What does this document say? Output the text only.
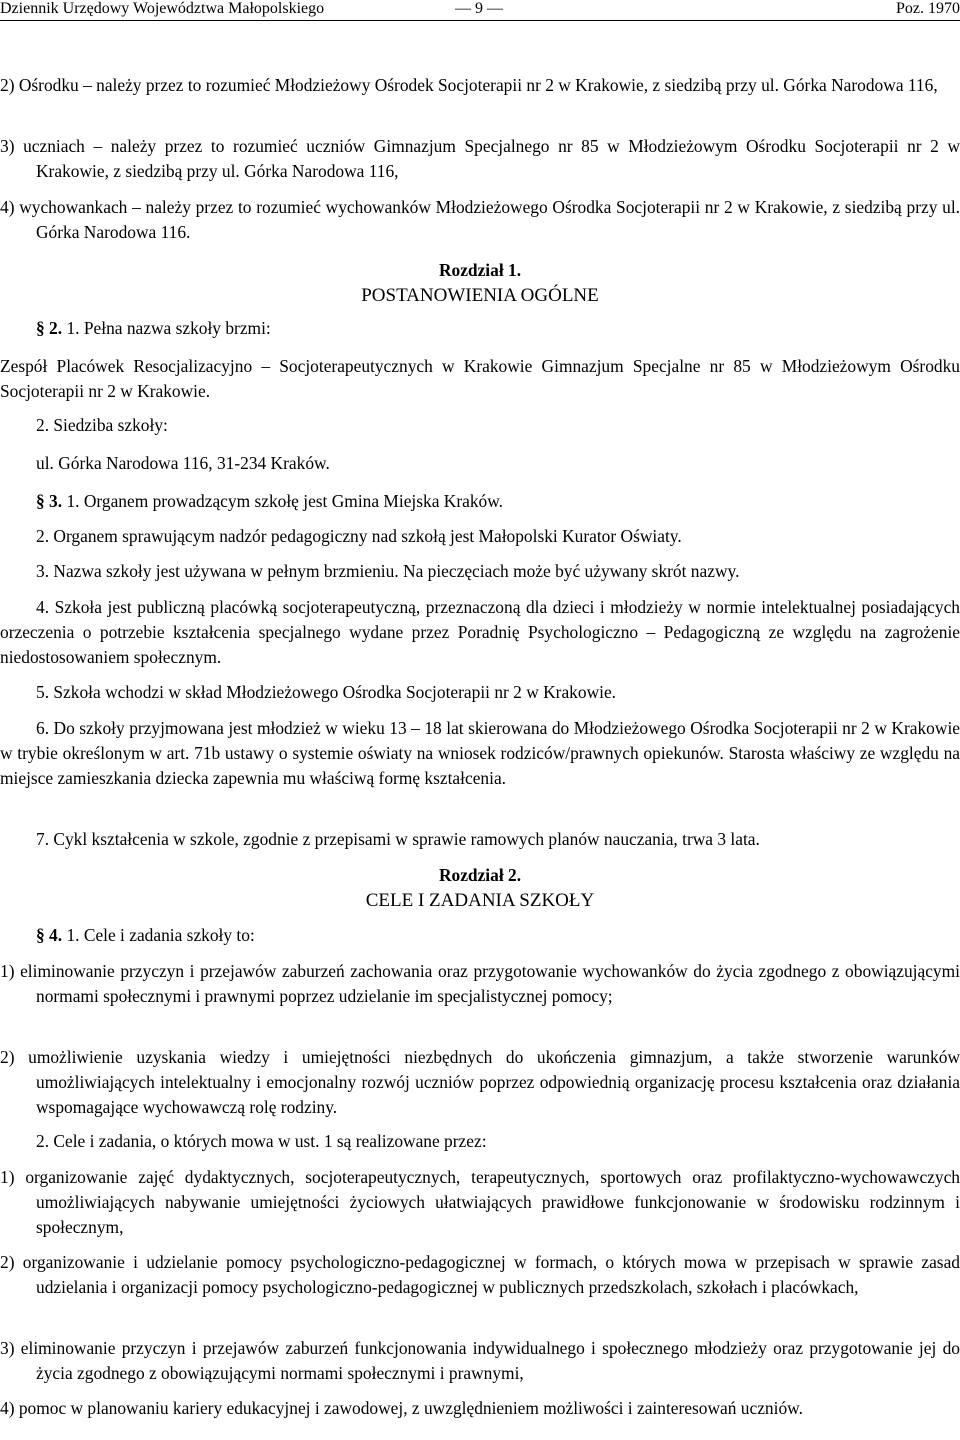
Dziennik Urzędowy Województwa Małopolskiego	— 9 —	Poz. 1970
2) Ośrodku – należy przez to rozumieć Młodzieżowy Ośrodek Socjoterapii nr 2 w Krakowie, z siedzibą przy ul. Górka Narodowa 116,
3) uczniach – należy przez to rozumieć uczniów Gimnazjum Specjalnego nr 85 w Młodzieżowym Ośrodku Socjoterapii nr 2 w Krakowie, z siedzibą przy ul. Górka Narodowa 116,
4) wychowankach – należy przez to rozumieć wychowanków Młodzieżowego Ośrodka Socjoterapii nr 2 w Krakowie, z siedzibą przy ul. Górka Narodowa 116.
Rozdział 1.
POSTANOWIENIA OGÓLNE
§ 2. 1. Pełna nazwa szkoły brzmi:
Zespół Placówek Resocjalizacyjno – Socjoterapeutycznych w Krakowie Gimnazjum Specjalne nr 85 w Młodzieżowym Ośrodku Socjoterapii nr 2 w Krakowie.
2. Siedziba szkoły:
ul. Górka Narodowa 116, 31-234 Kraków.
§ 3. 1. Organem prowadzącym szkołę jest Gmina Miejska Kraków.
2. Organem sprawującym nadzór pedagogiczny nad szkołą jest Małopolski Kurator Oświaty.
3. Nazwa szkoły jest używana w pełnym brzmieniu. Na pieczęciach może być używany skrót nazwy.
4. Szkoła jest publiczną placówką socjoterapeutyczną, przeznaczoną dla dzieci i młodzieży w normie intelektualnej posiadających orzeczenia o potrzebie kształcenia specjalnego wydane przez Poradnię Psychologiczno – Pedagogiczną ze względu na zagrożenie niedostosowaniem społecznym.
5. Szkoła wchodzi w skład Młodzieżowego Ośrodka Socjoterapii nr 2 w Krakowie.
6. Do szkoły przyjmowana jest młodzież w wieku 13 – 18 lat skierowana do Młodzieżowego Ośrodka Socjoterapii nr 2 w Krakowie w trybie określonym w art. 71b ustawy o systemie oświaty na wniosek rodziców/prawnych opiekunów. Starosta właściwy ze względu na miejsce zamieszkania dziecka zapewnia mu właściwą formę kształcenia.
7. Cykl kształcenia w szkole, zgodnie z przepisami w sprawie ramowych planów nauczania, trwa 3 lata.
Rozdział 2.
CELE I ZADANIA SZKOŁY
§ 4. 1. Cele i zadania szkoły to:
1) eliminowanie przyczyn i przejawów zaburzeń zachowania oraz przygotowanie wychowanków do życia zgodnego z obowiązującymi normami społecznymi i prawnymi poprzez udzielanie im specjalistycznej pomocy;
2) umożliwienie uzyskania wiedzy i umiejętności niezbędnych do ukończenia gimnazjum, a także stworzenie warunków umożliwiających intelektualny i emocjonalny rozwój uczniów poprzez odpowiednią organizację procesu kształcenia oraz działania wspomagające wychowawczą rolę rodziny.
2. Cele i zadania, o których mowa w ust. 1 są realizowane przez:
1) organizowanie zajęć dydaktycznych, socjoterapeutycznych, terapeutycznych, sportowych oraz profilaktyczno-wychowawczych umożliwiających nabywanie umiejętności życiowych ułatwiających prawidłowe funkcjonowanie w środowisku rodzinnym i społecznym,
2) organizowanie i udzielanie pomocy psychologiczno-pedagogicznej w formach, o których mowa w przepisach w sprawie zasad udzielania i organizacji pomocy psychologiczno-pedagogicznej w publicznych przedszkolach, szkołach i placówkach,
3) eliminowanie przyczyn i przejawów zaburzeń funkcjonowania indywidualnego i społecznego młodzieży oraz przygotowanie jej do życia zgodnego z obowiązującymi normami społecznymi i prawnymi,
4) pomoc w planowaniu kariery edukacyjnej i zawodowej, z uwzględnieniem możliwości i zainteresowań uczniów.
